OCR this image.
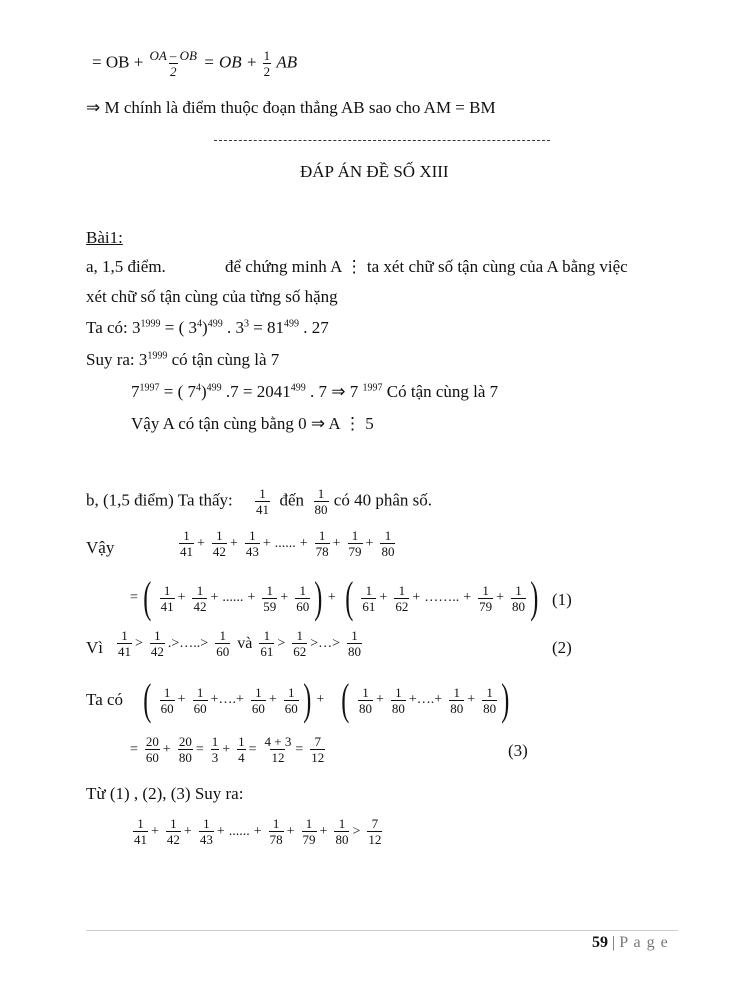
= OB + $\frac{OA - OB}{2}$ = OB + $\frac{1}{2}$ AB
⇒ M chính là điểm thuộc đoạn thẳng AB sao cho AM = BM
ĐÁP ÁN ĐỀ SỐ XIII
Bài1:
a, 1,5 điểm.	để chứng minh A ⋮ ta xét chữ số tận cùng của A bằng việc
xét chữ số tận cùng của từng số hặng
Ta có: $3^{1999}$ = ( $3^4)^{499}$ . $3^3 = 81^{499}$ . 27
Suy ra: $3^{1999}$ có tận cùng là 7
$7^{1997}$ = ( $7^4)^{499}$ $.7 = 2041^{499}$ . 7 ⇒ 7 $^{1997}$ Có tận cùng là 7
Vậy A có tận cùng bằng 0 ⇒ A ⋮ 5
b, (1,5 điểm) Ta thấy: $\frac{1}{41}$ đến $\frac{1}{80}$ có 40 phân số.
Vậy	$\frac{1}{41} + \frac{1}{42} + \frac{1}{43}$ + ...... + $\frac{1}{78} + \frac{1}{79} + \frac{1}{80}$
= ( $\frac{1}{41} + \frac{1}{42}$ + ...... + $\frac{1}{59} + \frac{1}{60}$ ) + ( $\frac{1}{61} + \frac{1}{62}$ + …….. + $\frac{1}{79} + \frac{1}{80}$ ) (1)
Vì $\frac{1}{41} > \frac{1}{42}$ .>…..> $\frac{1}{60}$ và $\frac{1}{61} > \frac{1}{62}$ >…> $\frac{1}{80}$	(2)
Ta có ( $\frac{1}{60} + \frac{1}{60}$ +….+ $\frac{1}{60} + \frac{1}{60}$ ) + ( $\frac{1}{80} + \frac{1}{80}$ +….+ $\frac{1}{80} + \frac{1}{80}$ )
= $\frac{20}{60} + \frac{20}{80} = \frac{1}{3} + \frac{1}{4} = \frac{4 + 3}{12} = \frac{7}{12}$	(3)
Từ (1) , (2), (3) Suy ra:
$\frac{1}{41} + \frac{1}{42} + \frac{1}{43}$ + ...... + $\frac{1}{78} + \frac{1}{79} + \frac{1}{80} > \frac{7}{12}$
59 | P a g e
